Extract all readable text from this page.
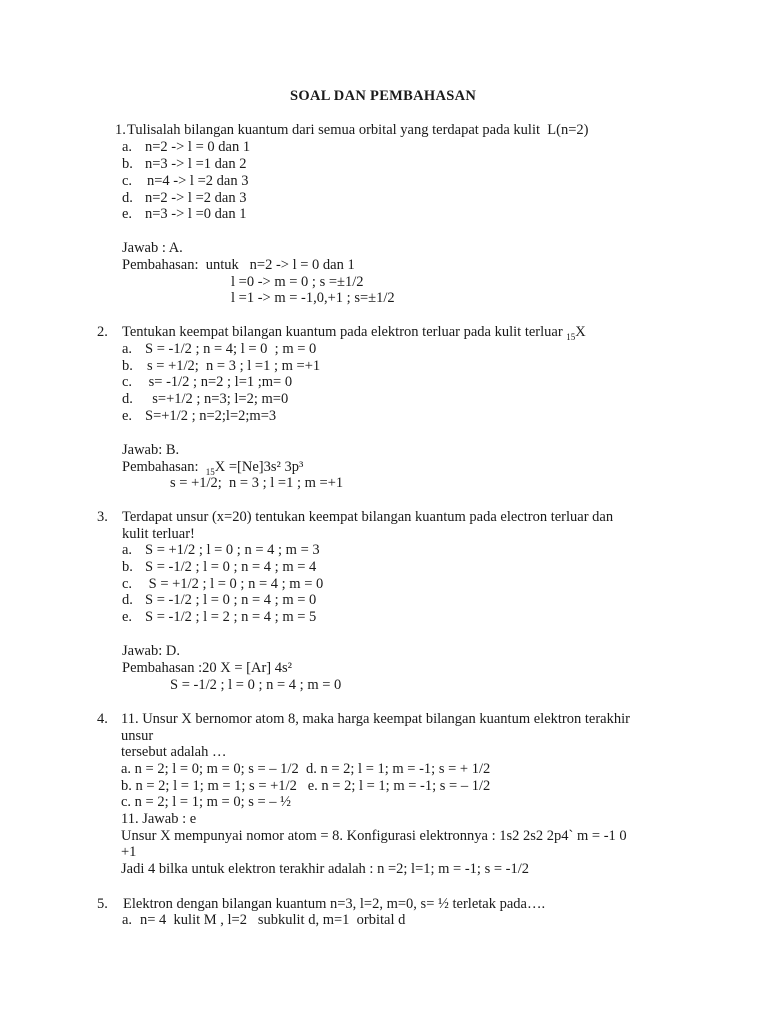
SOAL DAN PEMBAHASAN
1. Tulisalah bilangan kuantum dari semua orbital yang terdapat pada kulit  L(n=2)
a. n=2 -> l = 0 dan 1
b. n=3 -> l =1 dan 2
c. n=4 -> l =2 dan 3
d. n=2 -> l =2 dan 3
e. n=3 -> l =0 dan 1
Jawab : A.
Pembahasan:  untuk   n=2 -> l = 0 dan 1
l =0 -> m = 0 ; s =±1/2
l =1 -> m = -1,0,+1 ; s=±1/2
2. Tentukan keempat bilangan kuantum pada elektron terluar pada kulit terluar $_{15}$X
a. S = -1/2 ; n = 4; l = 0  ; m = 0
b. s = +1/2;  n = 3 ; l =1 ; m =+1
c. s= -1/2 ; n=2 ; l=1 ;m= 0
d. s=+1/2 ; n=3; l=2; m=0
e. S=+1/2 ; n=2;l=2;m=3
Jawab: B.
Pembahasan:  $_{15}$X =[Ne]3s² 3p³
s = +1/2;  n = 3 ; l =1 ; m =+1
3. Terdapat unsur (x=20) tentukan keempat bilangan kuantum pada electron terluar dan
kulit terluar!
a. S = +1/2 ; l = 0 ; n = 4 ; m = 3
b. S = -1/2 ; l = 0 ; n = 4 ; m = 4
c. S = +1/2 ; l = 0 ; n = 4 ; m = 0
d. S = -1/2 ; l = 0 ; n = 4 ; m = 0
e. S = -1/2 ; l = 2 ; n = 4 ; m = 5
Jawab: D.
Pembahasan :20 X = [Ar] 4s²
S = -1/2 ; l = 0 ; n = 4 ; m = 0
4. 11. Unsur X bernomor atom 8, maka harga keempat bilangan kuantum elektron terakhir
unsur
tersebut adalah …
a. n = 2; l = 0; m = 0; s = – 1/2  d. n = 2; l = 1; m = -1; s = + 1/2
b. n = 2; l = 1; m = 1; s = +1/2   e. n = 2; l = 1; m = -1; s = – 1/2
c. n = 2; l = 1; m = 0; s = – ½
11. Jawab : e
Unsur X mempunyai nomor atom = 8. Konfigurasi elektronnya : 1s2 2s2 2p4` m = -1 0
+1
Jadi 4 bilka untuk elektron terakhir adalah : n =2; l=1; m = -1; s = -1/2
5. Elektron dengan bilangan kuantum n=3, l=2, m=0, s= ½ terletak pada….
a. n= 4  kulit M , l=2   subkulit d, m=1  orbital d
